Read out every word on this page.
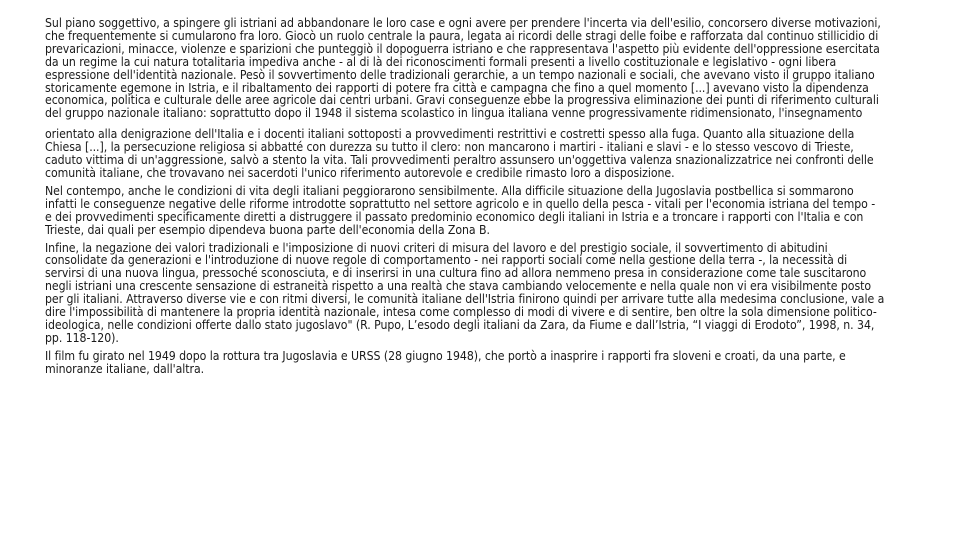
Sul piano soggettivo, a spingere gli istriani ad abbandonare le loro case e ogni avere per prendere l'incerta via dell'esilio, concorsero diverse motivazioni, che frequentemente si cumularono fra loro. Giocò un ruolo centrale la paura, legata ai ricordi delle stragi delle foibe e rafforzata dal continuo stillicidio di prevaricazioni, minacce, violenze e sparizioni che punteggiò il dopoguerra istriano e che rappresentava l'aspetto più evidente dell'oppressione esercitata da un regime la cui natura totalitaria impediva anche - al di là dei riconoscimenti formali presenti a livello costituzionale e legislativo - ogni libera espressione dell'identità nazionale. Pesò il sovvertimento delle tradizionali gerarchie, a un tempo nazionali e sociali, che avevano visto il gruppo italiano storicamente egemone in Istria, e il ribaltamento dei rapporti di potere fra città e campagna che fino a quel momento [...] avevano visto la dipendenza economica, politica e culturale delle aree agricole dai centri urbani. Gravi conseguenze ebbe la progressiva eliminazione dei punti di riferimento culturali del gruppo nazionale italiano: soprattutto dopo il 1948 il sistema scolastico in lingua italiana venne progressivamente ridimensionato, l'insegnamento

orientato alla denigrazione dell'Italia e i docenti italiani sottoposti a provvedimenti restrittivi e costretti spesso alla fuga. Quanto alla situazione della Chiesa [...], la persecuzione religiosa si abbatté con durezza su tutto il clero: non mancarono i martiri - italiani e slavi - e lo stesso vescovo di Trieste, caduto vittima di un'aggressione, salvò a stento la vita. Tali provvedimenti peraltro assunsero un'oggettiva valenza snazionalizzatrice nei confronti delle comunità italiane, che trovavano nei sacerdoti l'unico riferimento autorevole e credibile rimasto loro a disposizione.

Nel contempo, anche le condizioni di vita degli italiani peggiorarono sensibilmente. Alla difficile situazione della Jugoslavia postbellica si sommarono infatti le conseguenze negative delle riforme introdotte soprattutto nel settore agricolo e in quello della pesca - vitali per l'economia istriana del tempo - e dei provvedimenti specificamente diretti a distruggere il passato predominio economico degli italiani in Istria e a troncare i rapporti con l'Italia e con Trieste, dai quali per esempio dipendeva buona parte dell'economia della Zona B.

Infine, la negazione dei valori tradizionali e l'imposizione di nuovi criteri di misura del lavoro e del prestigio sociale, il sovvertimento di abitudini consolidate da generazioni e l'introduzione di nuove regole di comportamento - nei rapporti sociali come nella gestione della terra -, la necessità di servirsi di una nuova lingua, pressoché sconosciuta, e di inserirsi in una cultura fino ad allora nemmeno presa in considerazione come tale suscitarono negli istriani una crescente sensazione di estraneità rispetto a una realtà che stava cambiando velocemente e nella quale non vi era visibilmente posto per gli italiani. Attraverso diverse vie e con ritmi diversi, le comunità italiane dell'Istria finirono quindi per arrivare tutte alla medesima conclusione, vale a dire l'impossibilità di mantenere la propria identità nazionale, intesa come complesso di modi di vivere e di sentire, ben oltre la sola dimensione politico-ideologica, nelle condizioni offerte dallo stato jugoslavo" (R. Pupo, L’esodo degli italiani da Zara, da Fiume e dall’Istria, “I viaggi di Erodoto”, 1998, n. 34, pp. 118-120).

Il film fu girato nel 1949 dopo la rottura tra Jugoslavia e URSS (28 giugno 1948), che portò a inasprire i rapporti fra sloveni e croati, da una parte, e minoranze italiane, dall'altra.
